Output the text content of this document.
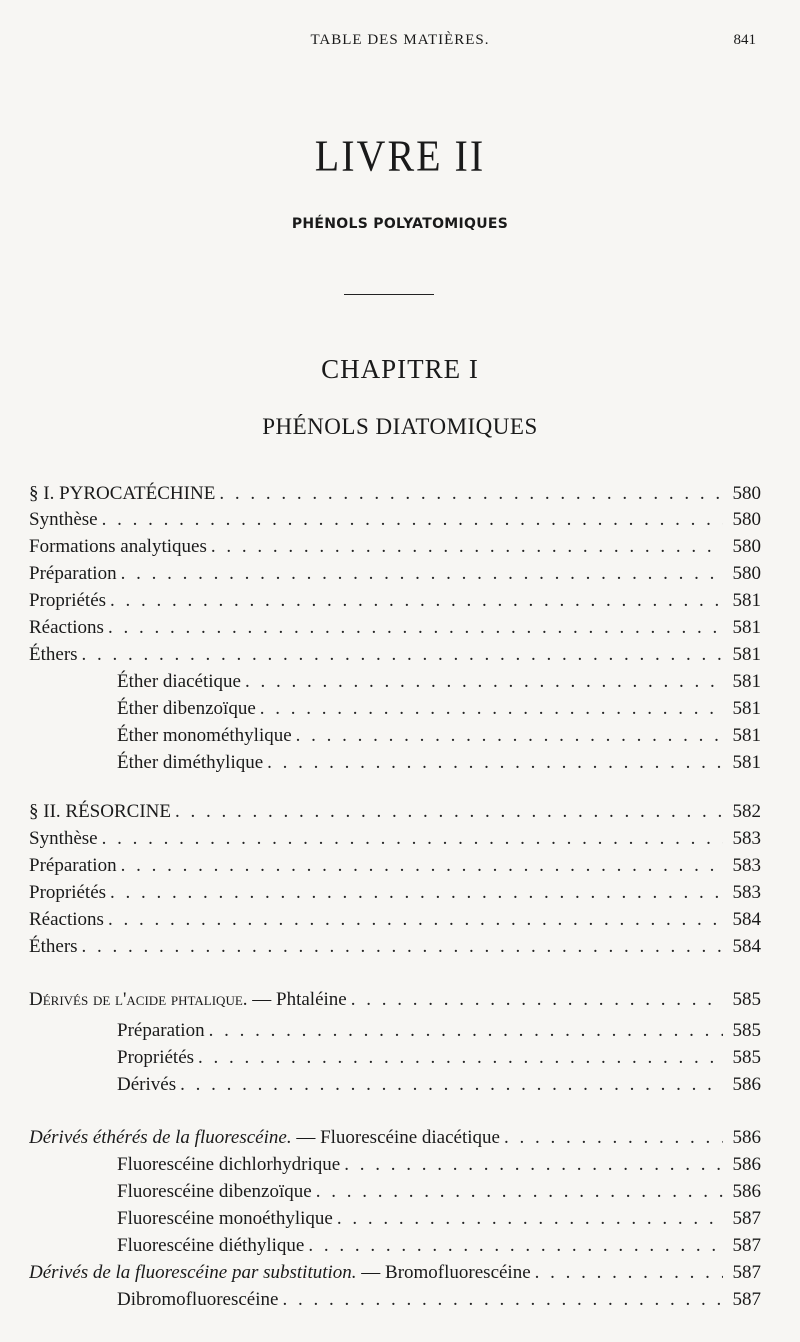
TABLE DES MATIÈRES.	841
LIVRE II
PHÉNOLS POLYATOMIQUES
CHAPITRE I
PHÉNOLS DIATOMIQUES
§ I. PYROCATÉCHINE . . .	580
Synthèse . . .	580
Formations analytiques . . .	580
Préparation . . .	580
Propriétés . . .	581
Réactions . . .	581
Éthers . . .	581
Éther diacétique . . .	581
Éther dibenzoïque . . .	581
Éther monométhylique . . .	581
Éther diméthylique . . .	581
§ II. RÉSORCINE . . .	582
Synthèse . . .	583
Préparation . . .	583
Propriétés . . .	583
Réactions . . .	584
Éthers . . .	584
Dérivés de l'acide phtalique. — Phtaléine . . .	585
Préparation . . .	585
Propriétés . . .	585
Dérivés . . .	586
Dérivés éthérés de la fluorescéine. — Fluorescéine diacétique . . .	586
Fluorescéine dichlorhydrique . . .	586
Fluorescéine dibenzoïque . . .	586
Fluorescéine monoéthylique . . .	587
Fluorescéine diéthylique . . .	587
Dérivés de la fluorescéine par substitution. — Bromofluorescéine . . .	587
Dibromofluorescéine . . .	587
